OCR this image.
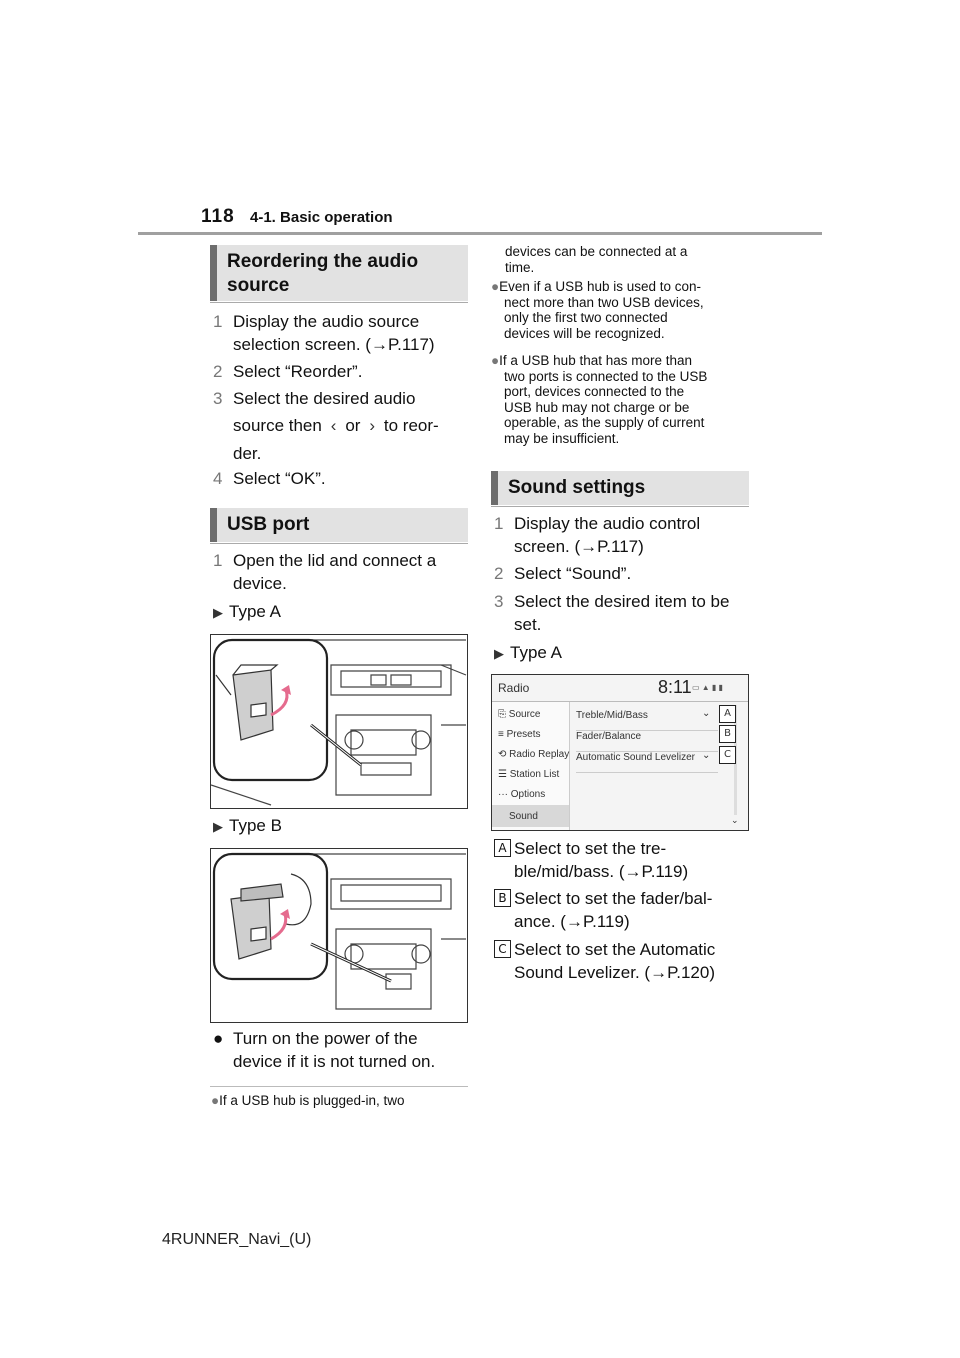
118 4-1. Basic operation
Reordering the audio
source
1 Display the audio source
selection screen. (→P.117)
2 Select “Reorder”.
3 Select the desired audio
source then ‹ or › to reor-
der.
4 Select “OK”.
USB port
1 Open the lid and connect a
device.
▶ Type A
▶ Type B
● Turn on the power of the
device if it is not turned on.
●If a USB hub is plugged-in, two
devices can be connected at a
time.
●Even if a USB hub is used to con-
nect more than two USB devices,
only the first two connected
devices will be recognized.
●If a USB hub that has more than
two ports is connected to the USB
port, devices connected to the
USB hub may not charge or be
operable, as the supply of current
may be insufficient.
Sound settings
1 Display the audio control
screen. (→P.117)
2 Select “Sound”.
3 Select the desired item to be
set.
▶ Type A
Radio	8:11 ▭ ▲ ▮ ▮
⎘ Source
≡ Presets
⟲ Radio Replay
☰ Station List
··· Options
Sound
Treble/Mid/Bass	⌄
Fader/Balance
Automatic Sound Levelizer ⌄
⌄
A
B
C
A Select to set the tre-
ble/mid/bass. (→P.119)
B Select to set the fader/bal-
ance. (→P.119)
C Select to set the Automatic
Sound Levelizer. (→P.120)
4RUNNER_Navi_(U)
